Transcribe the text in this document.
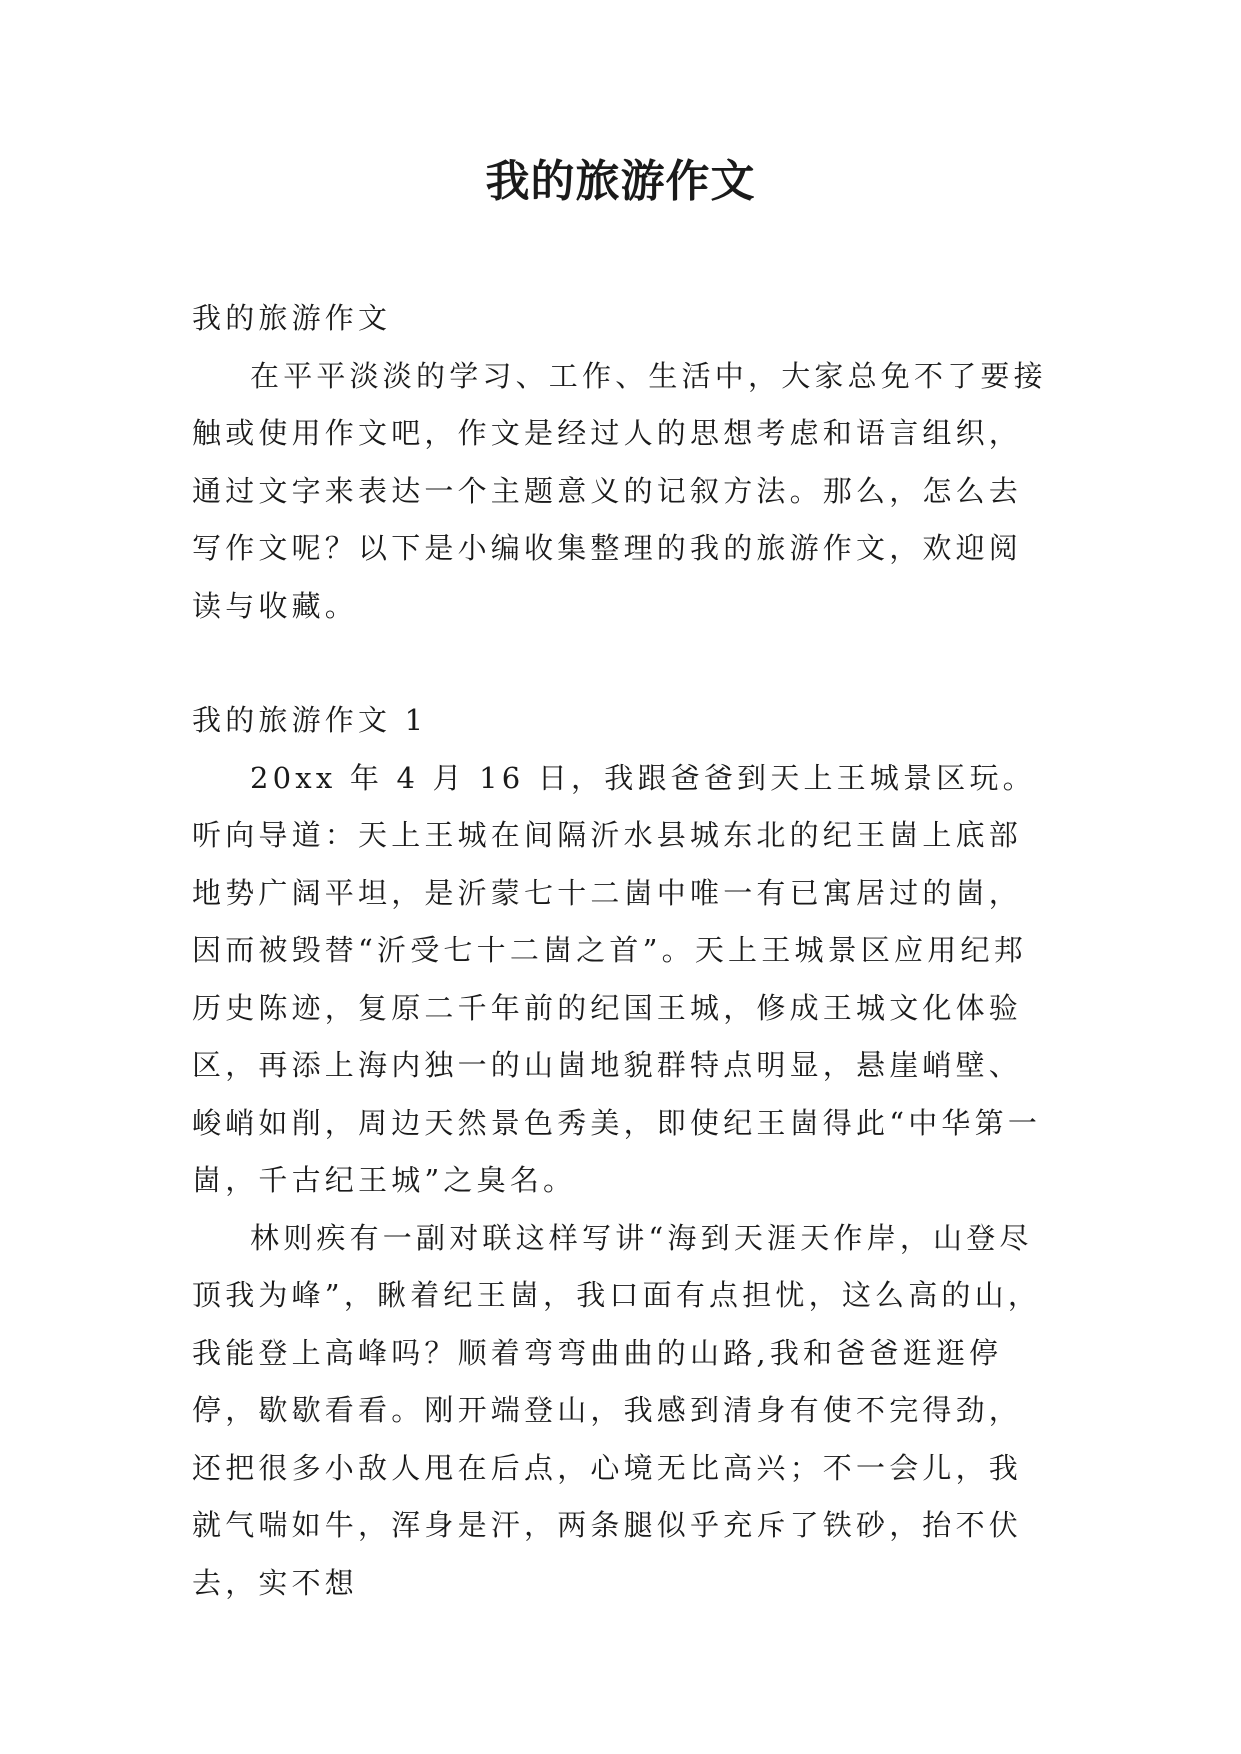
我的旅游作文

我的旅游作文

在平平淡淡的学习、工作、生活中，大家总免不了要接触或使用作文吧，作文是经过人的思想考虑和语言组织，通过文字来表达一个主题意义的记叙方法。那么，怎么去写作文呢？以下是小编收集整理的我的旅游作文，欢迎阅读与收藏。

我的旅游作文 1

20xx 年 4 月 16 日，我跟爸爸到天上王城景区玩。听向导道：天上王城在间隔沂水县城东北的纪王崮上底部地势广阔平坦，是沂蒙七十二崮中唯一有已寓居过的崮，因而被毁替“沂受七十二崮之首”。天上王城景区应用纪邦历史陈迹，复原二千年前的纪国王城，修成王城文化体验区，再添上海内独一的山崮地貌群特点明显，悬崖峭壁、峻峭如削，周边天然景色秀美，即使纪王崮得此“中华第一崮，千古纪王城”之臭名。

林则疾有一副对联这样写讲“海到天涯天作岸，山登尽顶我为峰”，瞅着纪王崮，我口面有点担忧，这么高的山，我能登上高峰吗？顺着弯弯曲曲的山路,我和爸爸逛逛停停，歇歇看看。刚开端登山，我感到清身有使不完得劲，还把很多小敌人甩在后点，心境无比高兴；不一会儿，我就气喘如牛，浑身是汗，两条腿似乎充斥了铁砂，抬不伏去，实不想
